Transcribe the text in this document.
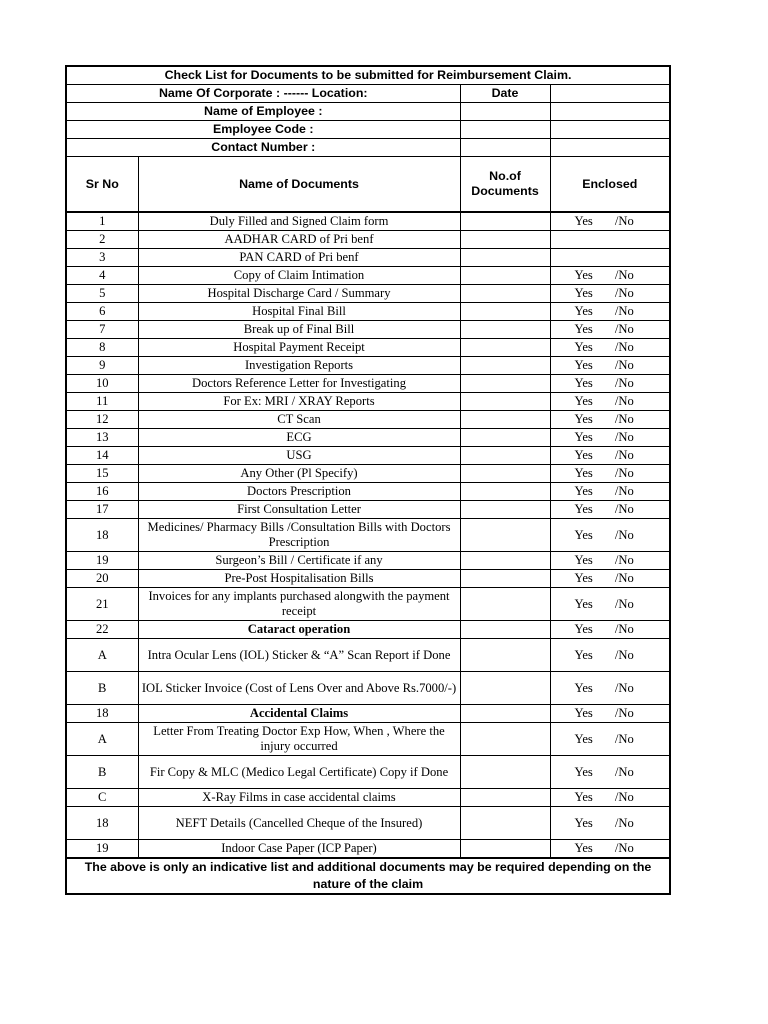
Check List for Documents to be submitted for Reimbursement Claim.			
Name Of Corporate : ------ Location:		Date	
Name of Employee :			
Employee Code :			
Contact Number :			
Sr No	Name of Documents	No.of Documents	Enclosed
1	Duly Filled and Signed Claim form		Yes       /No
2	AADHAR CARD of Pri benf		
3	PAN CARD of Pri benf		
4	Copy of Claim Intimation		Yes       /No
5	Hospital Discharge Card / Summary		Yes       /No
6	Hospital Final Bill		Yes       /No
7	Break up of Final Bill		Yes       /No
8	Hospital Payment Receipt		Yes       /No
9	Investigation Reports		Yes       /No
10	Doctors Reference Letter for Investigating		Yes       /No
11	For Ex: MRI / XRAY Reports		Yes       /No
12	CT Scan		Yes       /No
13	ECG		Yes       /No
14	USG		Yes       /No
15	Any Other (Pl Specify)		Yes       /No
16	Doctors Prescription		Yes       /No
17	First Consultation Letter		Yes       /No
18	Medicines/ Pharmacy Bills /Consultation Bills with Doctors Prescription		Yes       /No
19	Surgeon’s Bill / Certificate if any		Yes       /No
20	Pre-Post Hospitalisation Bills		Yes       /No
21	Invoices for any implants purchased alongwith the payment receipt		Yes       /No
22	Cataract operation		Yes       /No
A	Intra Ocular Lens (IOL) Sticker & “A” Scan Report if Done		Yes       /No
B	IOL Sticker Invoice (Cost of Lens Over and Above Rs.7000/-)		Yes       /No
18	Accidental Claims		Yes       /No
A	Letter From Treating Doctor Exp How, When , Where the injury occurred		Yes       /No
B	Fir Copy & MLC (Medico Legal Certificate) Copy if Done		Yes       /No
C	X-Ray Films in case accidental claims		Yes       /No
18	NEFT Details (Cancelled Cheque of the Insured)		Yes       /No
19	Indoor Case Paper (ICP Paper)		Yes       /No
The above is only an indicative list and additional documents may be required depending on the nature of the claim			
